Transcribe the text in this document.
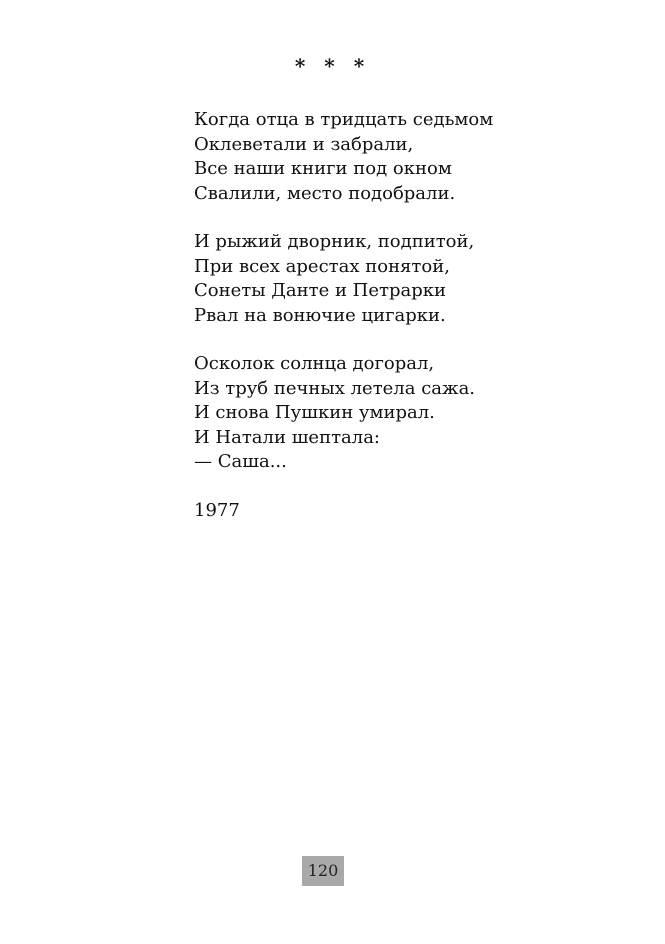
* * *
Когда отца в тридцать седьмом
Оклеветали и забрали,
Все наши книги под окном
Свалили, место подобрали.
И рыжий дворник, подпитой,
При всех арестах понятой,
Сонеты Данте и Петрарки
Рвал на вонючие цигарки.
Осколок солнца догорал,
Из труб печных летела сажа.
И снова Пушкин умирал.
И Натали шептала:
— Саша...
1977
120
